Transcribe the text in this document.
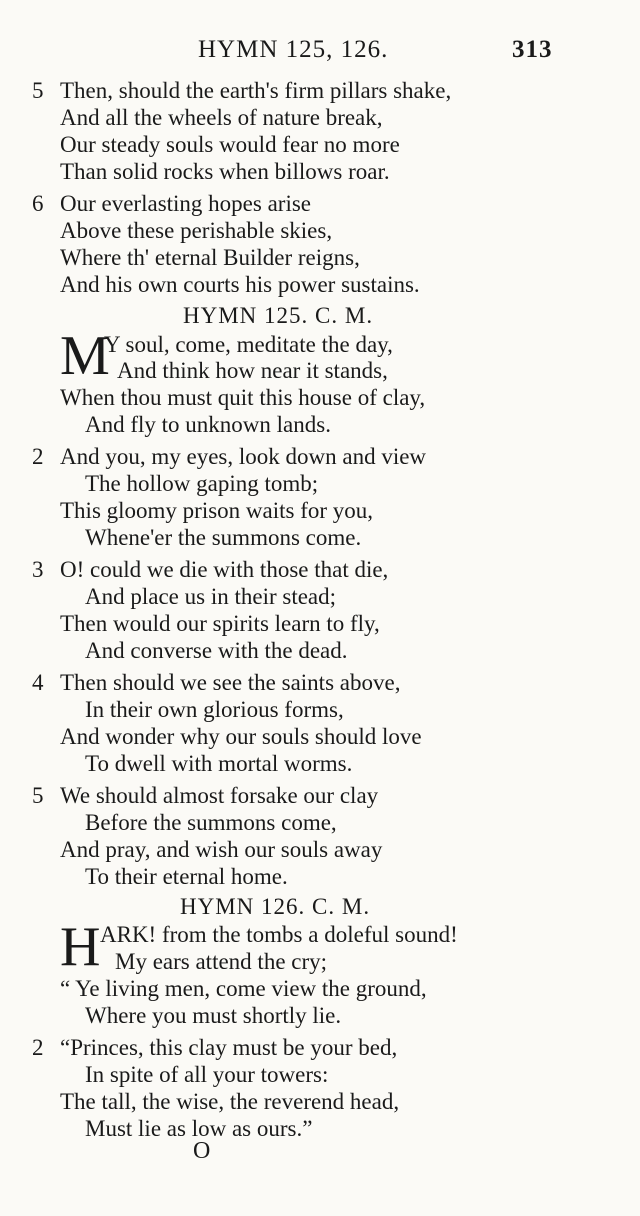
HYMN 125, 126.	313
5 Then, should the earth's firm pillars shake,
And all the wheels of nature break,
Our steady souls would fear no more
Than solid rocks when billows roar.
6 Our everlasting hopes arise
Above these perishable skies,
Where th' eternal Builder reigns,
And his own courts his power sustains.
HYMN 125. C. M.
M
Y soul, come, meditate the day,
And think how near it stands,
When thou must quit this house of clay,
And fly to unknown lands.
2 And you, my eyes, look down and view
The hollow gaping tomb;
This gloomy prison waits for you,
Whene'er the summons come.
3 O! could we die with those that die,
And place us in their stead;
Then would our spirits learn to fly,
And converse with the dead.
4 Then should we see the saints above,
In their own glorious forms,
And wonder why our souls should love
To dwell with mortal worms.
5 We should almost forsake our clay
Before the summons come,
And pray, and wish our souls away
To their eternal home.
HYMN 126. C. M.
H ARK! from the tombs a doleful sound!
My ears attend the cry;
“ Ye living men, come view the ground,
Where you must shortly lie.
2 “Princes, this clay must be your bed,
In spite of all your towers:
The tall, the wise, the reverend head,
Must lie as low as ours.”
O
